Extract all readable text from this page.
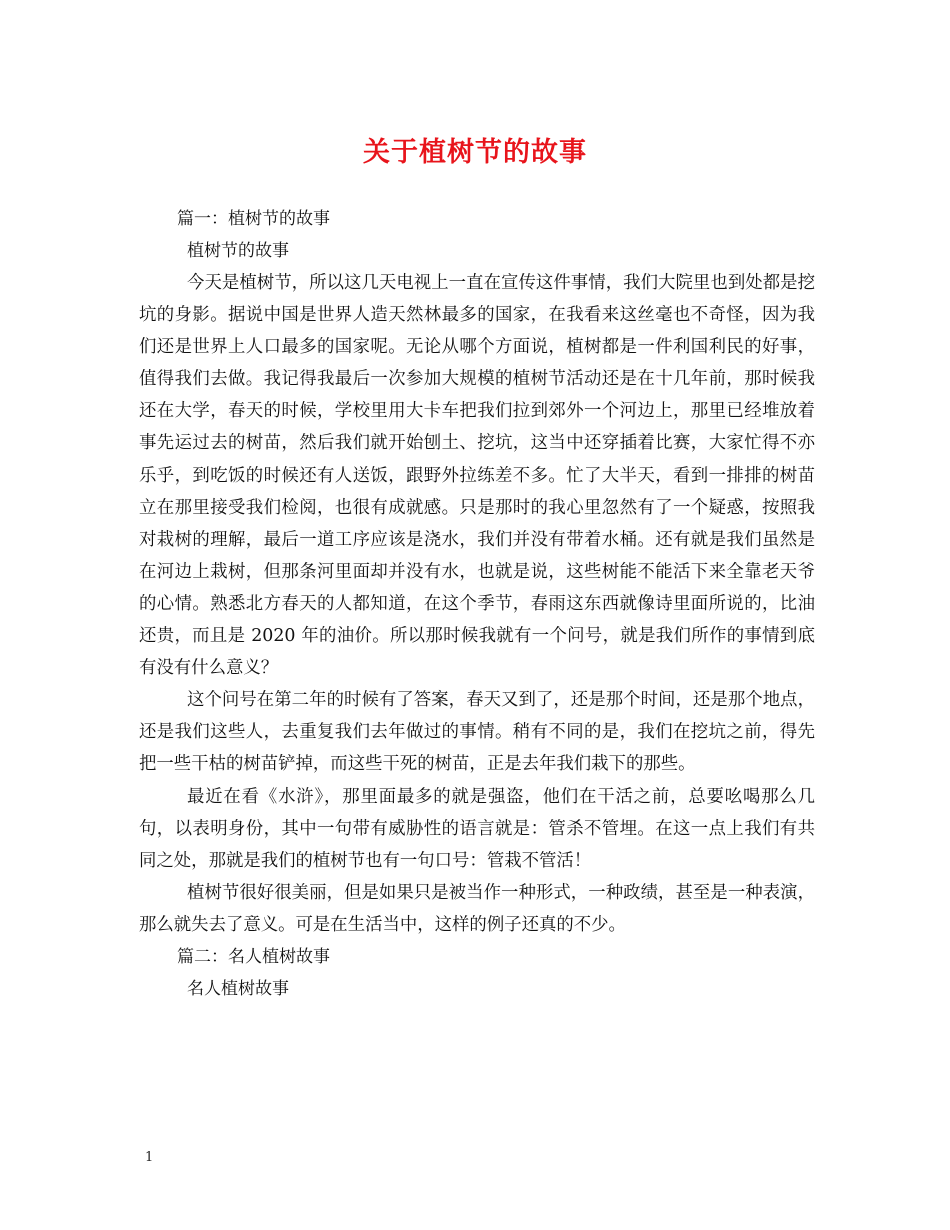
关于植树节的故事

篇一：植树节的故事

植树节的故事

今天是植树节，所以这几天电视上一直在宣传这件事情，我们大院里也到处都是挖坑的身影。据说中国是世界人造天然林最多的国家，在我看来这丝毫也不奇怪，因为我们还是世界上人口最多的国家呢。无论从哪个方面说，植树都是一件利国利民的好事，值得我们去做。我记得我最后一次参加大规模的植树节活动还是在十几年前，那时候我还在大学，春天的时候，学校里用大卡车把我们拉到郊外一个河边上，那里已经堆放着事先运过去的树苗，然后我们就开始刨土、挖坑，这当中还穿插着比赛，大家忙得不亦乐乎，到吃饭的时候还有人送饭，跟野外拉练差不多。忙了大半天，看到一排排的树苗立在那里接受我们检阅，也很有成就感。只是那时的我心里忽然有了一个疑惑，按照我对栽树的理解，最后一道工序应该是浇水，我们并没有带着水桶。还有就是我们虽然是在河边上栽树，但那条河里面却并没有水，也就是说，这些树能不能活下来全靠老天爷的心情。熟悉北方春天的人都知道，在这个季节，春雨这东西就像诗里面所说的，比油还贵，而且是 2020 年的油价。所以那时候我就有一个问号，就是我们所作的事情到底有没有什么意义？

这个问号在第二年的时候有了答案，春天又到了，还是那个时间，还是那个地点，还是我们这些人，去重复我们去年做过的事情。稍有不同的是，我们在挖坑之前，得先把一些干枯的树苗铲掉，而这些干死的树苗，正是去年我们栽下的那些。

最近在看《水浒》，那里面最多的就是强盗，他们在干活之前，总要吆喝那么几句，以表明身份，其中一句带有威胁性的语言就是：管杀不管埋。在这一点上我们有共同之处，那就是我们的植树节也有一句口号：管栽不管活！

植树节很好很美丽，但是如果只是被当作一种形式，一种政绩，甚至是一种表演，那么就失去了意义。可是在生活当中，这样的例子还真的不少。

篇二：名人植树故事

名人植树故事

1
